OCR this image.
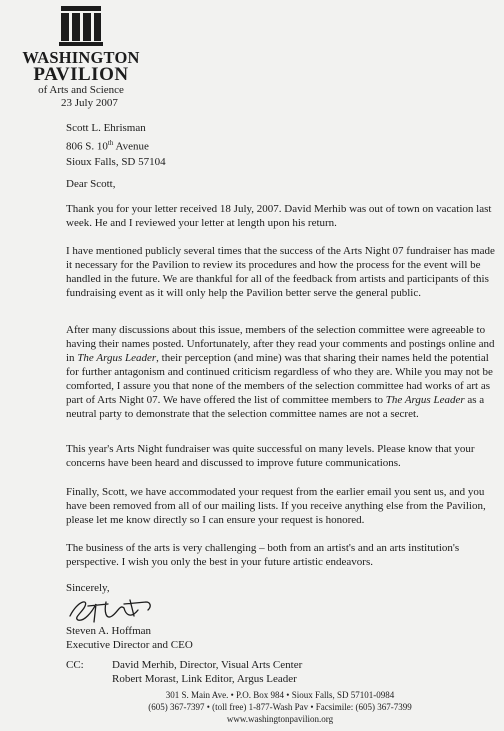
WASHINGTON
PAVILION
of Arts and Science
23 July 2007
Scott L. Ehrisman
806 S. 10th Avenue
Sioux Falls, SD 57104
Dear Scott,

Thank you for your letter received 18 July, 2007. David Merhib was out of town on vacation last week. He and I reviewed your letter at length upon his return.

I have mentioned publicly several times that the success of the Arts Night 07 fundraiser has made it necessary for the Pavilion to review its procedures and how the process for the event will be handled in the future. We are thankful for all of the feedback from artists and participants of this fundraising event as it will only help the Pavilion better serve the general public.

After many discussions about this issue, members of the selection committee were agreeable to having their names posted. Unfortunately, after they read your comments and postings online and in The Argus Leader, their perception (and mine) was that sharing their names held the potential for further antagonism and continued criticism regardless of who they are. While you may not be comforted, I assure you that none of the members of the selection committee had works of art as part of Arts Night 07. We have offered the list of committee members to The Argus Leader as a neutral party to demonstrate that the selection committee names are not a secret.

This year's Arts Night fundraiser was quite successful on many levels. Please know that your concerns have been heard and discussed to improve future communications.

Finally, Scott, we have accommodated your request from the earlier email you sent us, and you have been removed from all of our mailing lists. If you receive anything else from the Pavilion, please let me know directly so I can ensure your request is honored.

The business of the arts is very challenging – both from an artist's and an arts institution's perspective. I wish you only the best in your future artistic endeavors.

Sincerely,
Steven A. Hoffman
Executive Director and CEO
CC:	David Merhib, Director, Visual Arts Center
Robert Morast, Link Editor, Argus Leader
301 S. Main Ave. • P.O. Box 984 • Sioux Falls, SD 57101-0984
(605) 367-7397 • (toll free) 1-877-Wash Pav • Facsimile: (605) 367-7399
www.washingtonpavilion.org
